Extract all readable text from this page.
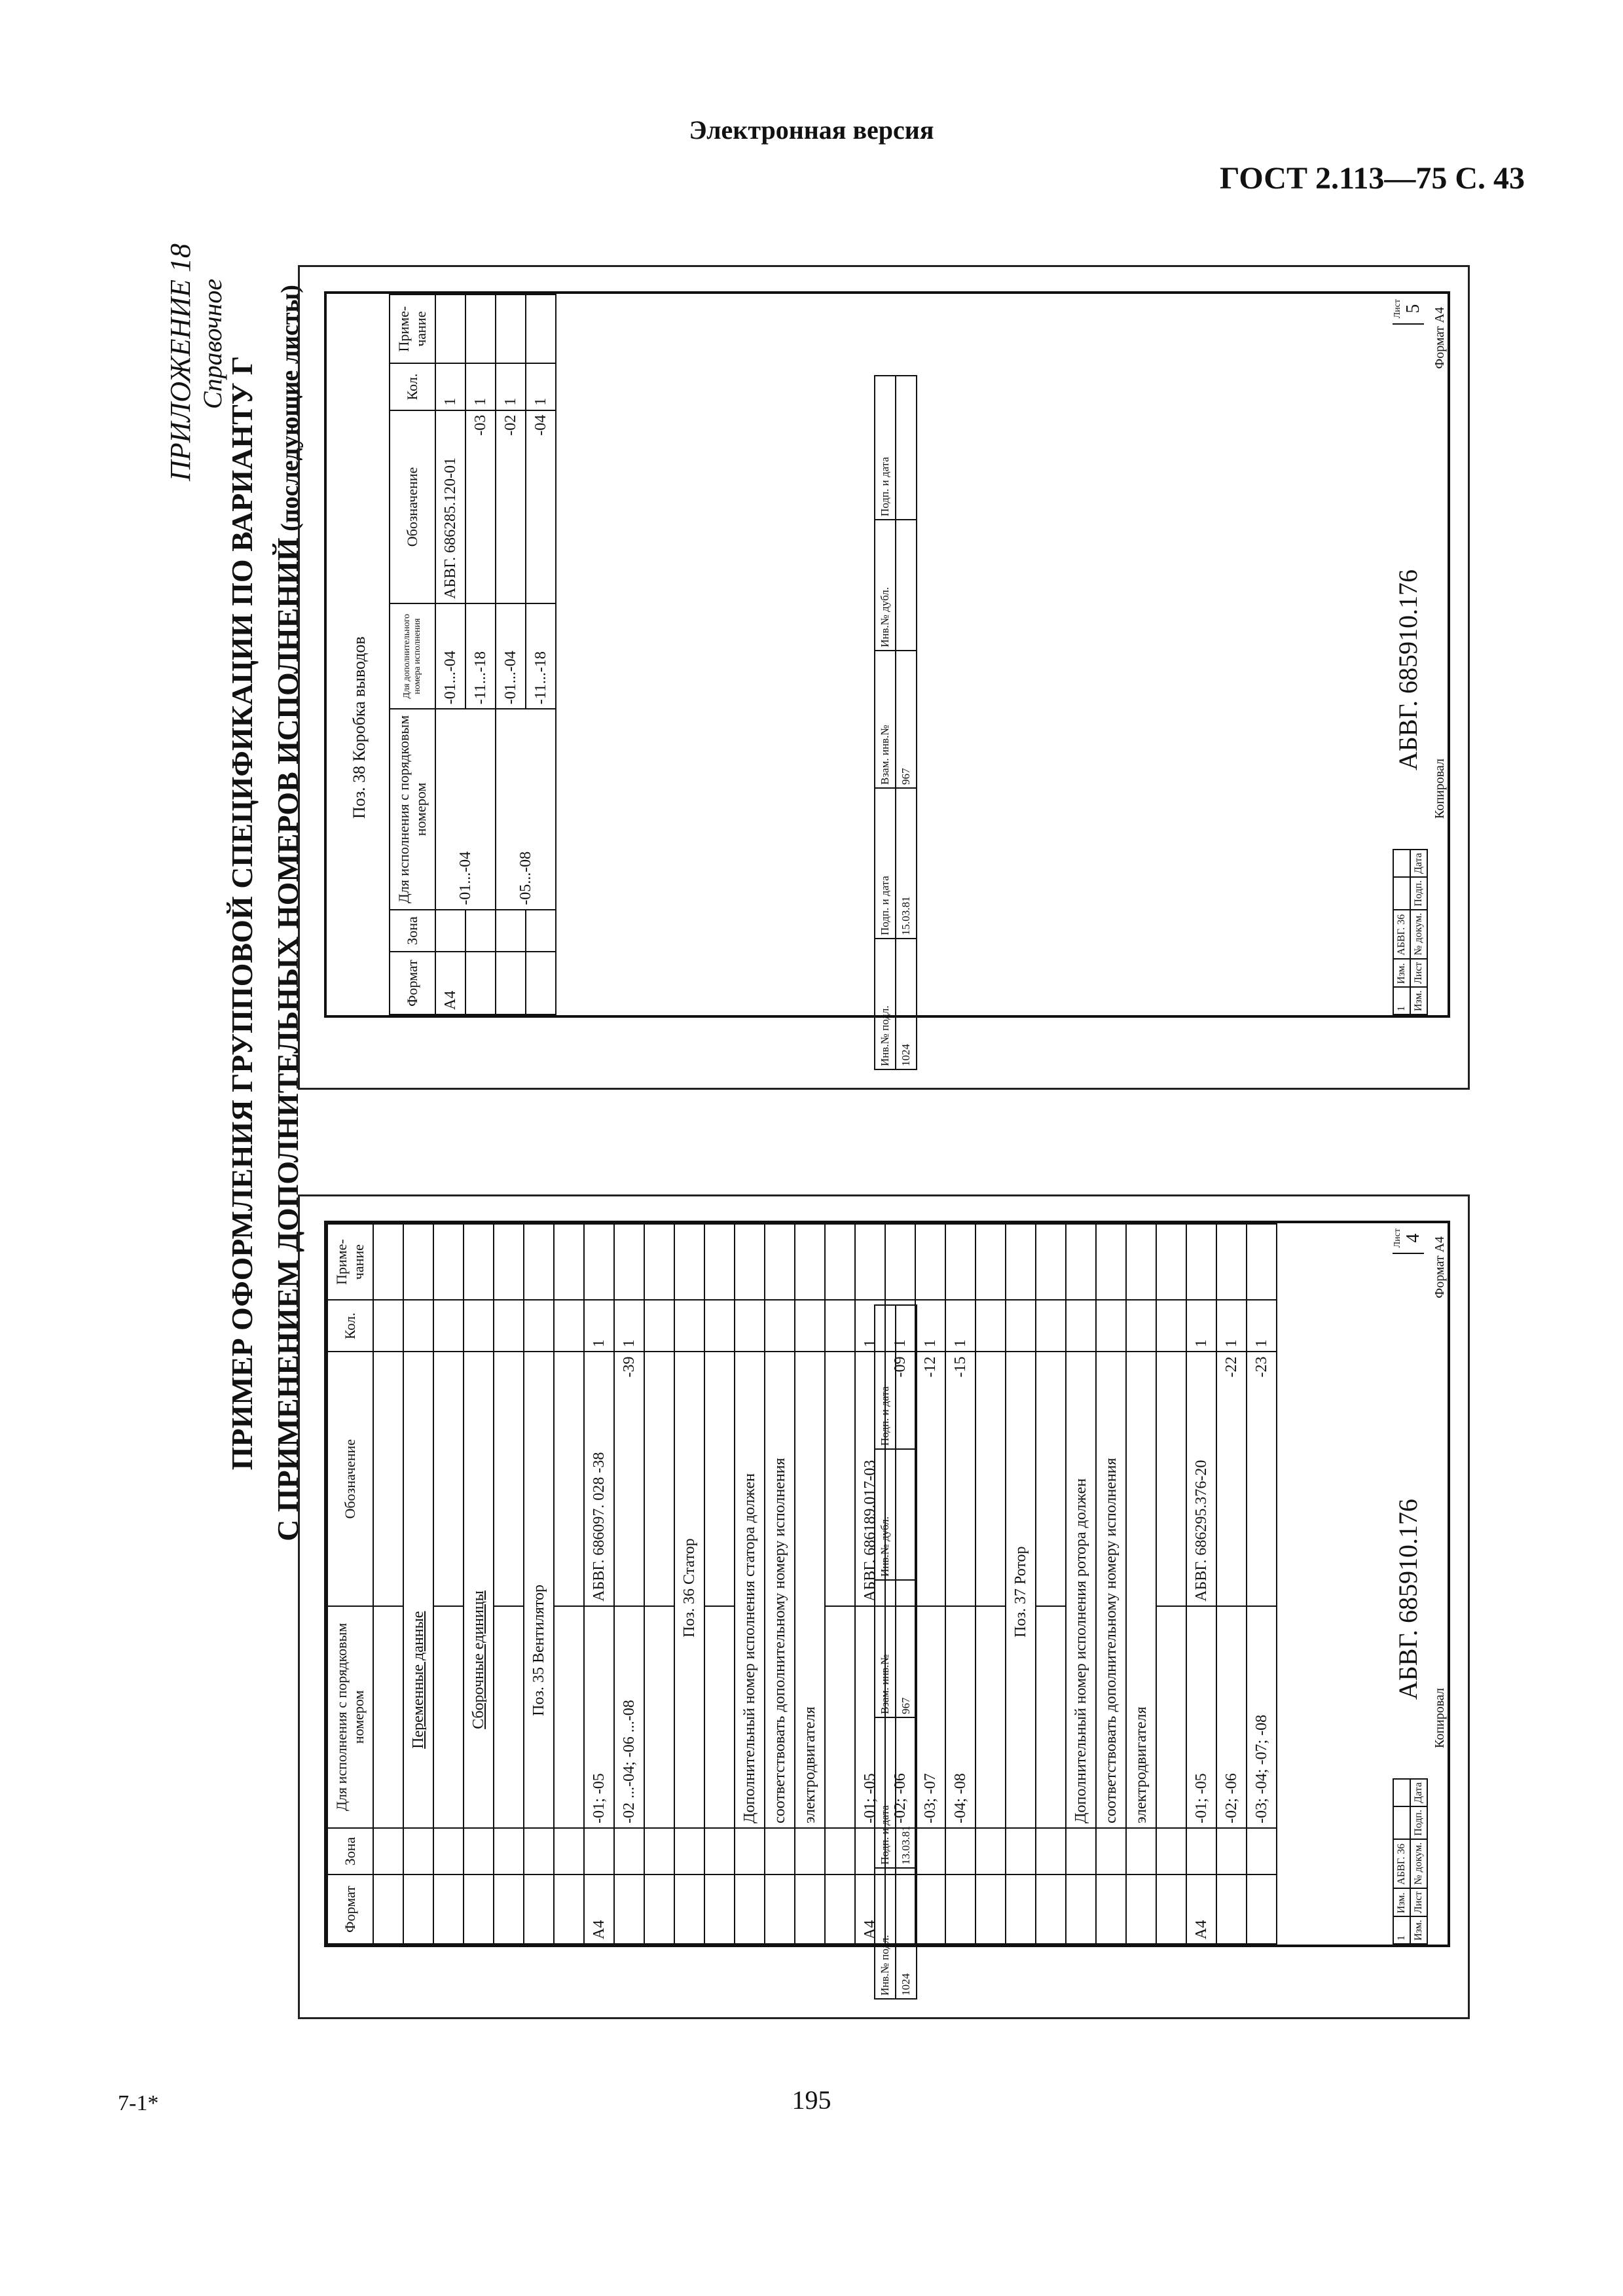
Электронная версия
ГОСТ 2.113—75 С. 43
ПРИЛОЖЕНИЕ 18 Справочное
ПРИМЕР ОФОРМЛЕНИЯ ГРУППОВОЙ СПЕЦИФИКАЦИИ ПО ВАРИАНТУ Г С ПРИМЕНЕНИЕМ ДОПОЛНИТЕЛЬНЫХ НОМЕРОВ ИСПОЛНЕНИЙ (последующие листы)
Инв.№ подл.	Подп. и дата	Взам. инв.№	Инв.№ дубл.	Подп. и дата
1024	13.03.81	967		
Формат	Зона	Для исполнения с порядковым номером	Обозначение	Кол.	Приме- чание

		Переменные данные			

		Сборочные единицы			

		Поз. 35 Вентилятор			

А4		-01; -05	АБВГ. 686097. 028 -38	1	
		-02 ...-04; -06 ...-08	-39	1	

		Поз. 36 Статор			

		Дополнительный номер исполнения статора должен			
		соответствовать дополнительному номеру исполнения			
		электродвигателя			

А4		-01; -05	АБВГ. 686189.017-03	1	
		-02; -06	-09	1	
		-03; -07	-12	1	
		-04; -08	-15	1	

		Поз. 37 Ротор			

		Дополнительный номер исполнения ротора должен			
		соответствовать дополнительному номеру исполнения			
		электродвигателя			

А4		-01; -05	АБВГ. 686295.376-20	1	
		-02; -06	-22	1	
		-03; -04; -07; -08	-23	1	
1	Изм.	АБВГ. 36		
Изм.	Лист	№ докум.	Подп.	Дата
АБВГ. 685910.176
Лист 4
Копировал
Формат А4
Инв.№ подл.	Подп. и дата	Взам. инв.№	Инв.№ дубл.	Подп. и дата
1024	15.03.81	967		
Поз. 38 Коробка выводов
Формат	Зона	Для исполнения с порядковым номером	Для дополнительного номера исполнения	Обозначение	Кол.	Приме- чание
А4		-01...-04	-01...-04	АБВГ. 686285.120-01	1	
			-11...-18	-03	1	
		-05...-08	-01...-04	-02	1	
			-11...-18	-04	1	
1	Изм.	АБВГ. 36		
Изм.	Лист	№ докум.	Подп.	Дата
АБВГ. 685910.176
Лист 5
Копировал
Формат А4
7-1*	195
